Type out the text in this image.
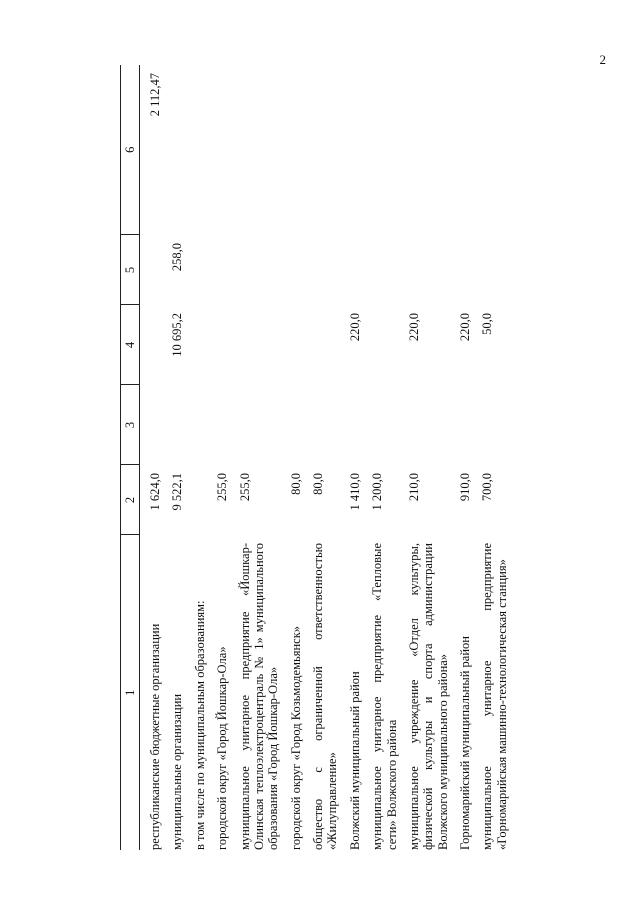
2
1	2	3	4	5	6
республиканские бюджетные организации	1 624,0				2 112,47
муниципальные организации	9 522,1		10 695,2	258,0	
в том числе по муниципальным образованиям:					
городской округ «Город Йошкар-Ола»	255,0				
муниципальное унитарное предприятие «Йошкар-Олинская теплоэлектроцентраль № 1» муниципального образования «Город Йошкар-Ола»	255,0				
городской округ «Город Козьмодемьянск»	80,0				
общество с ограниченной ответственностью «Жилуправление»	80,0				
Волжский муниципальный район	1 410,0		220,0		
муниципальное унитарное предприятие «Тепловые сети» Волжского района	1 200,0				
муниципальное учреждение «Отдел культуры, физической культуры и спорта администрации Волжского муниципального района»	210,0		220,0		
Горномарийский муниципальный район	910,0		220,0		
муниципальное унитарное предприятие «Горномарийская машинно-технологическая станция»	700,0		50,0		
